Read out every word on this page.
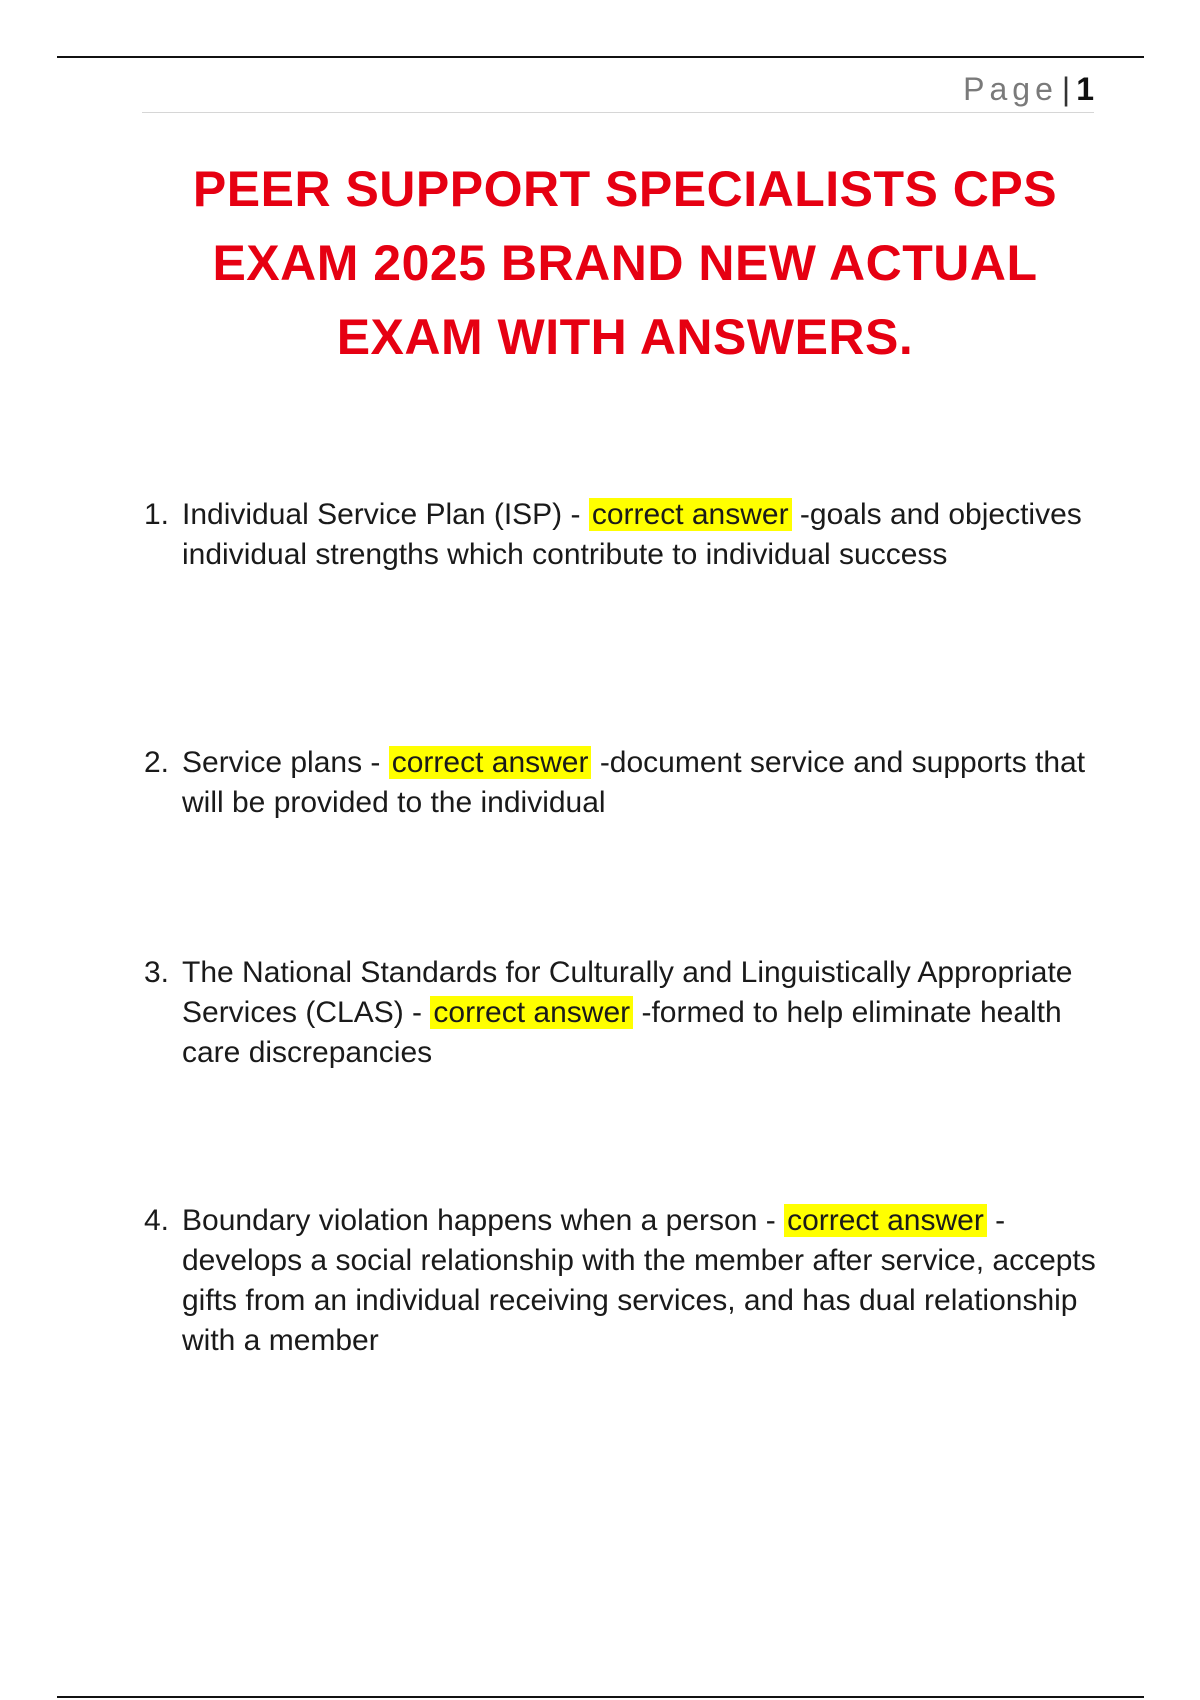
Page | 1
PEER SUPPORT SPECIALISTS CPS
EXAM 2025 BRAND NEW ACTUAL
EXAM WITH ANSWERS.
1. Individual Service Plan (ISP) - correct answer -goals and objectives individual strengths which contribute to individual success
2. Service plans - correct answer -document service and supports that will be provided to the individual
3. The National Standards for Culturally and Linguistically Appropriate Services (CLAS) - correct answer -formed to help eliminate health care discrepancies
4. Boundary violation happens when a person - correct answer - develops a social relationship with the member after service, accepts gifts from an individual receiving services, and has dual relationship with a member
